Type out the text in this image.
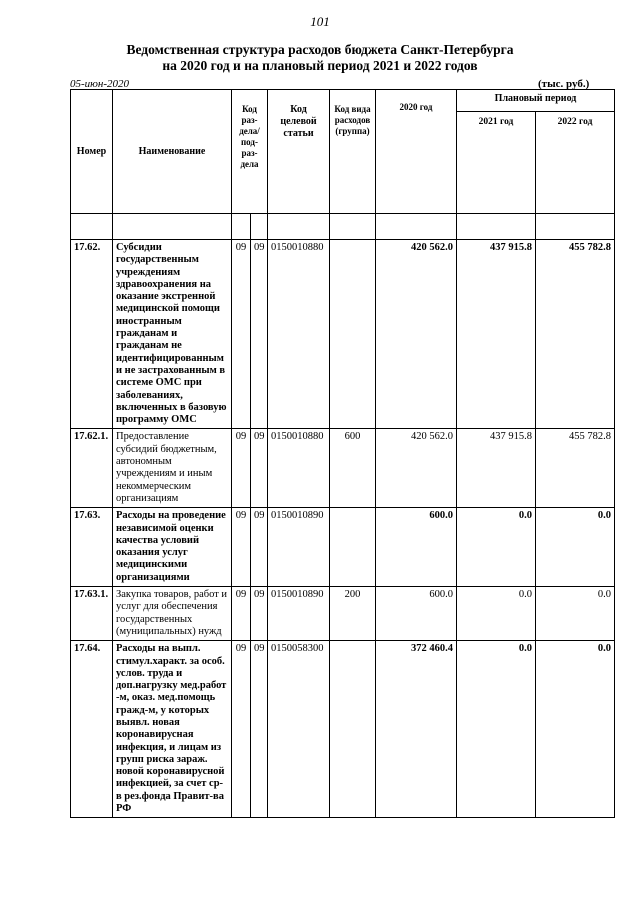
101
Ведомственная структура расходов бюджета Санкт-Петербурга
на 2020 год и на плановый период 2021 и 2022 годов
05-июн-2020	(тыс. руб.)
Номер	Наименование	Код раз-дела/ под-раз-дела		Код целевой статьи	Код вида расходов (группа)	2020 год	Плановый период	
							2021 год	2022 год

17.62.	Субсидии государственным учреждениям здравоохранения на оказание экстренной медицинской помощи иностранным гражданам и гражданам не идентифицированным и не застрахованным в системе ОМС при заболеваниях, включенных в базовую программу ОМС	09	09	0150010880		420 562.0	437 915.8	455 782.8
17.62.1.	Предоставление субсидий бюджетным, автономным учреждениям и иным некоммерческим организациям	09	09	0150010880	600	420 562.0	437 915.8	455 782.8
17.63.	Расходы на проведение независимой оценки качества условий оказания услуг медицинскими организациями	09	09	0150010890		600.0	0.0	0.0
17.63.1.	Закупка товаров, работ и услуг для обеспечения государственных (муниципальных) нужд	09	09	0150010890	200	600.0	0.0	0.0
17.64.	Расходы на выпл. стимул.характ. за особ. услов. труда и доп.нагрузку мед.работ -м, оказ. мед.помощь гражд-м, у которых выявл. новая коронавирусная инфекция, и лицам из групп риска зараж. новой коронавирусной инфекцией, за счет ср-в рез.фонда Правит-ва РФ	09	09	0150058300		372 460.4	0.0	0.0
